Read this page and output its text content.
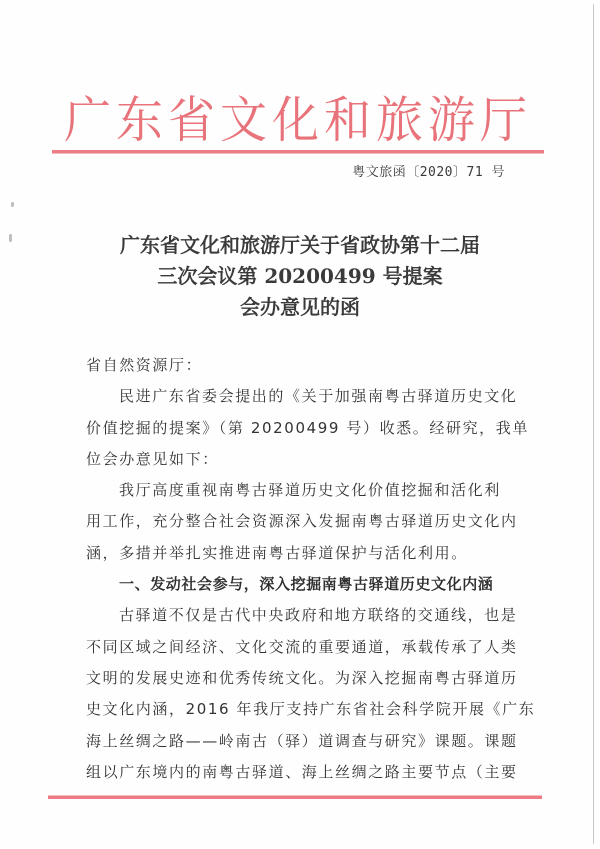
广东省文化和旅游厅
粤文旅函〔2020〕71 号
广东省文化和旅游厅关于省政协第十二届
三次会议第 20200499 号提案
会办意见的函
省自然资源厅：
民进广东省委会提出的《关于加强南粤古驿道历史文化
价值挖掘的提案》（第 20200499 号）收悉。经研究，我单
位会办意见如下：
我厅高度重视南粤古驿道历史文化价值挖掘和活化利
用工作，充分整合社会资源深入发掘南粤古驿道历史文化内
涵，多措并举扎实推进南粤古驿道保护与活化利用。
一、发动社会参与，深入挖掘南粤古驿道历史文化内涵
古驿道不仅是古代中央政府和地方联络的交通线，也是
不同区域之间经济、文化交流的重要通道，承载传承了人类
文明的发展史迹和优秀传统文化。为深入挖掘南粤古驿道历
史文化内涵，2016 年我厅支持广东省社会科学院开展《广东
海上丝绸之路——岭南古（驿）道调查与研究》课题。课题
组以广东境内的南粤古驿道、海上丝绸之路主要节点（主要
